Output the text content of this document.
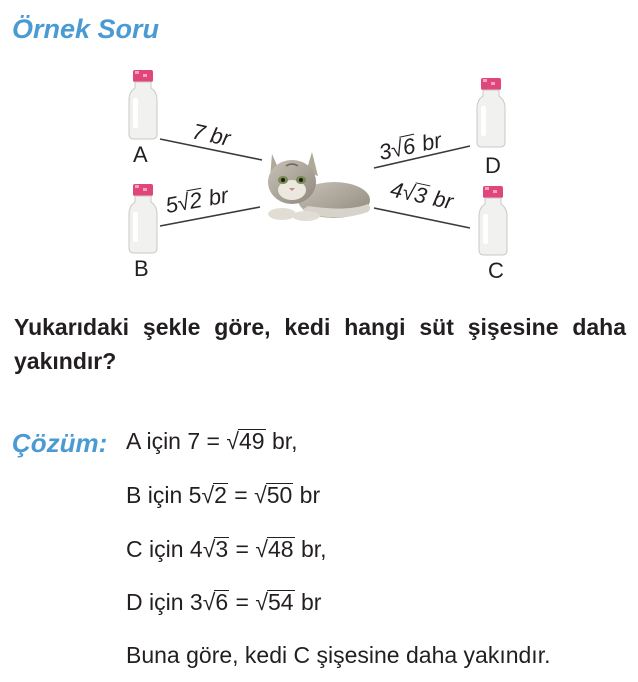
Örnek Soru
A
B	C
D
7 br
5√2 br
3√6 br
4√3 br
Yukarıdaki şekle göre, kedi hangi süt şişesine daha yakındır?
Çözüm: A için 7 = √49 br,
B için 5√2 = √50 br
C için 4√3 = √48 br,
D için 3√6 = √54 br
Buna göre, kedi C şişesine daha yakındır.
